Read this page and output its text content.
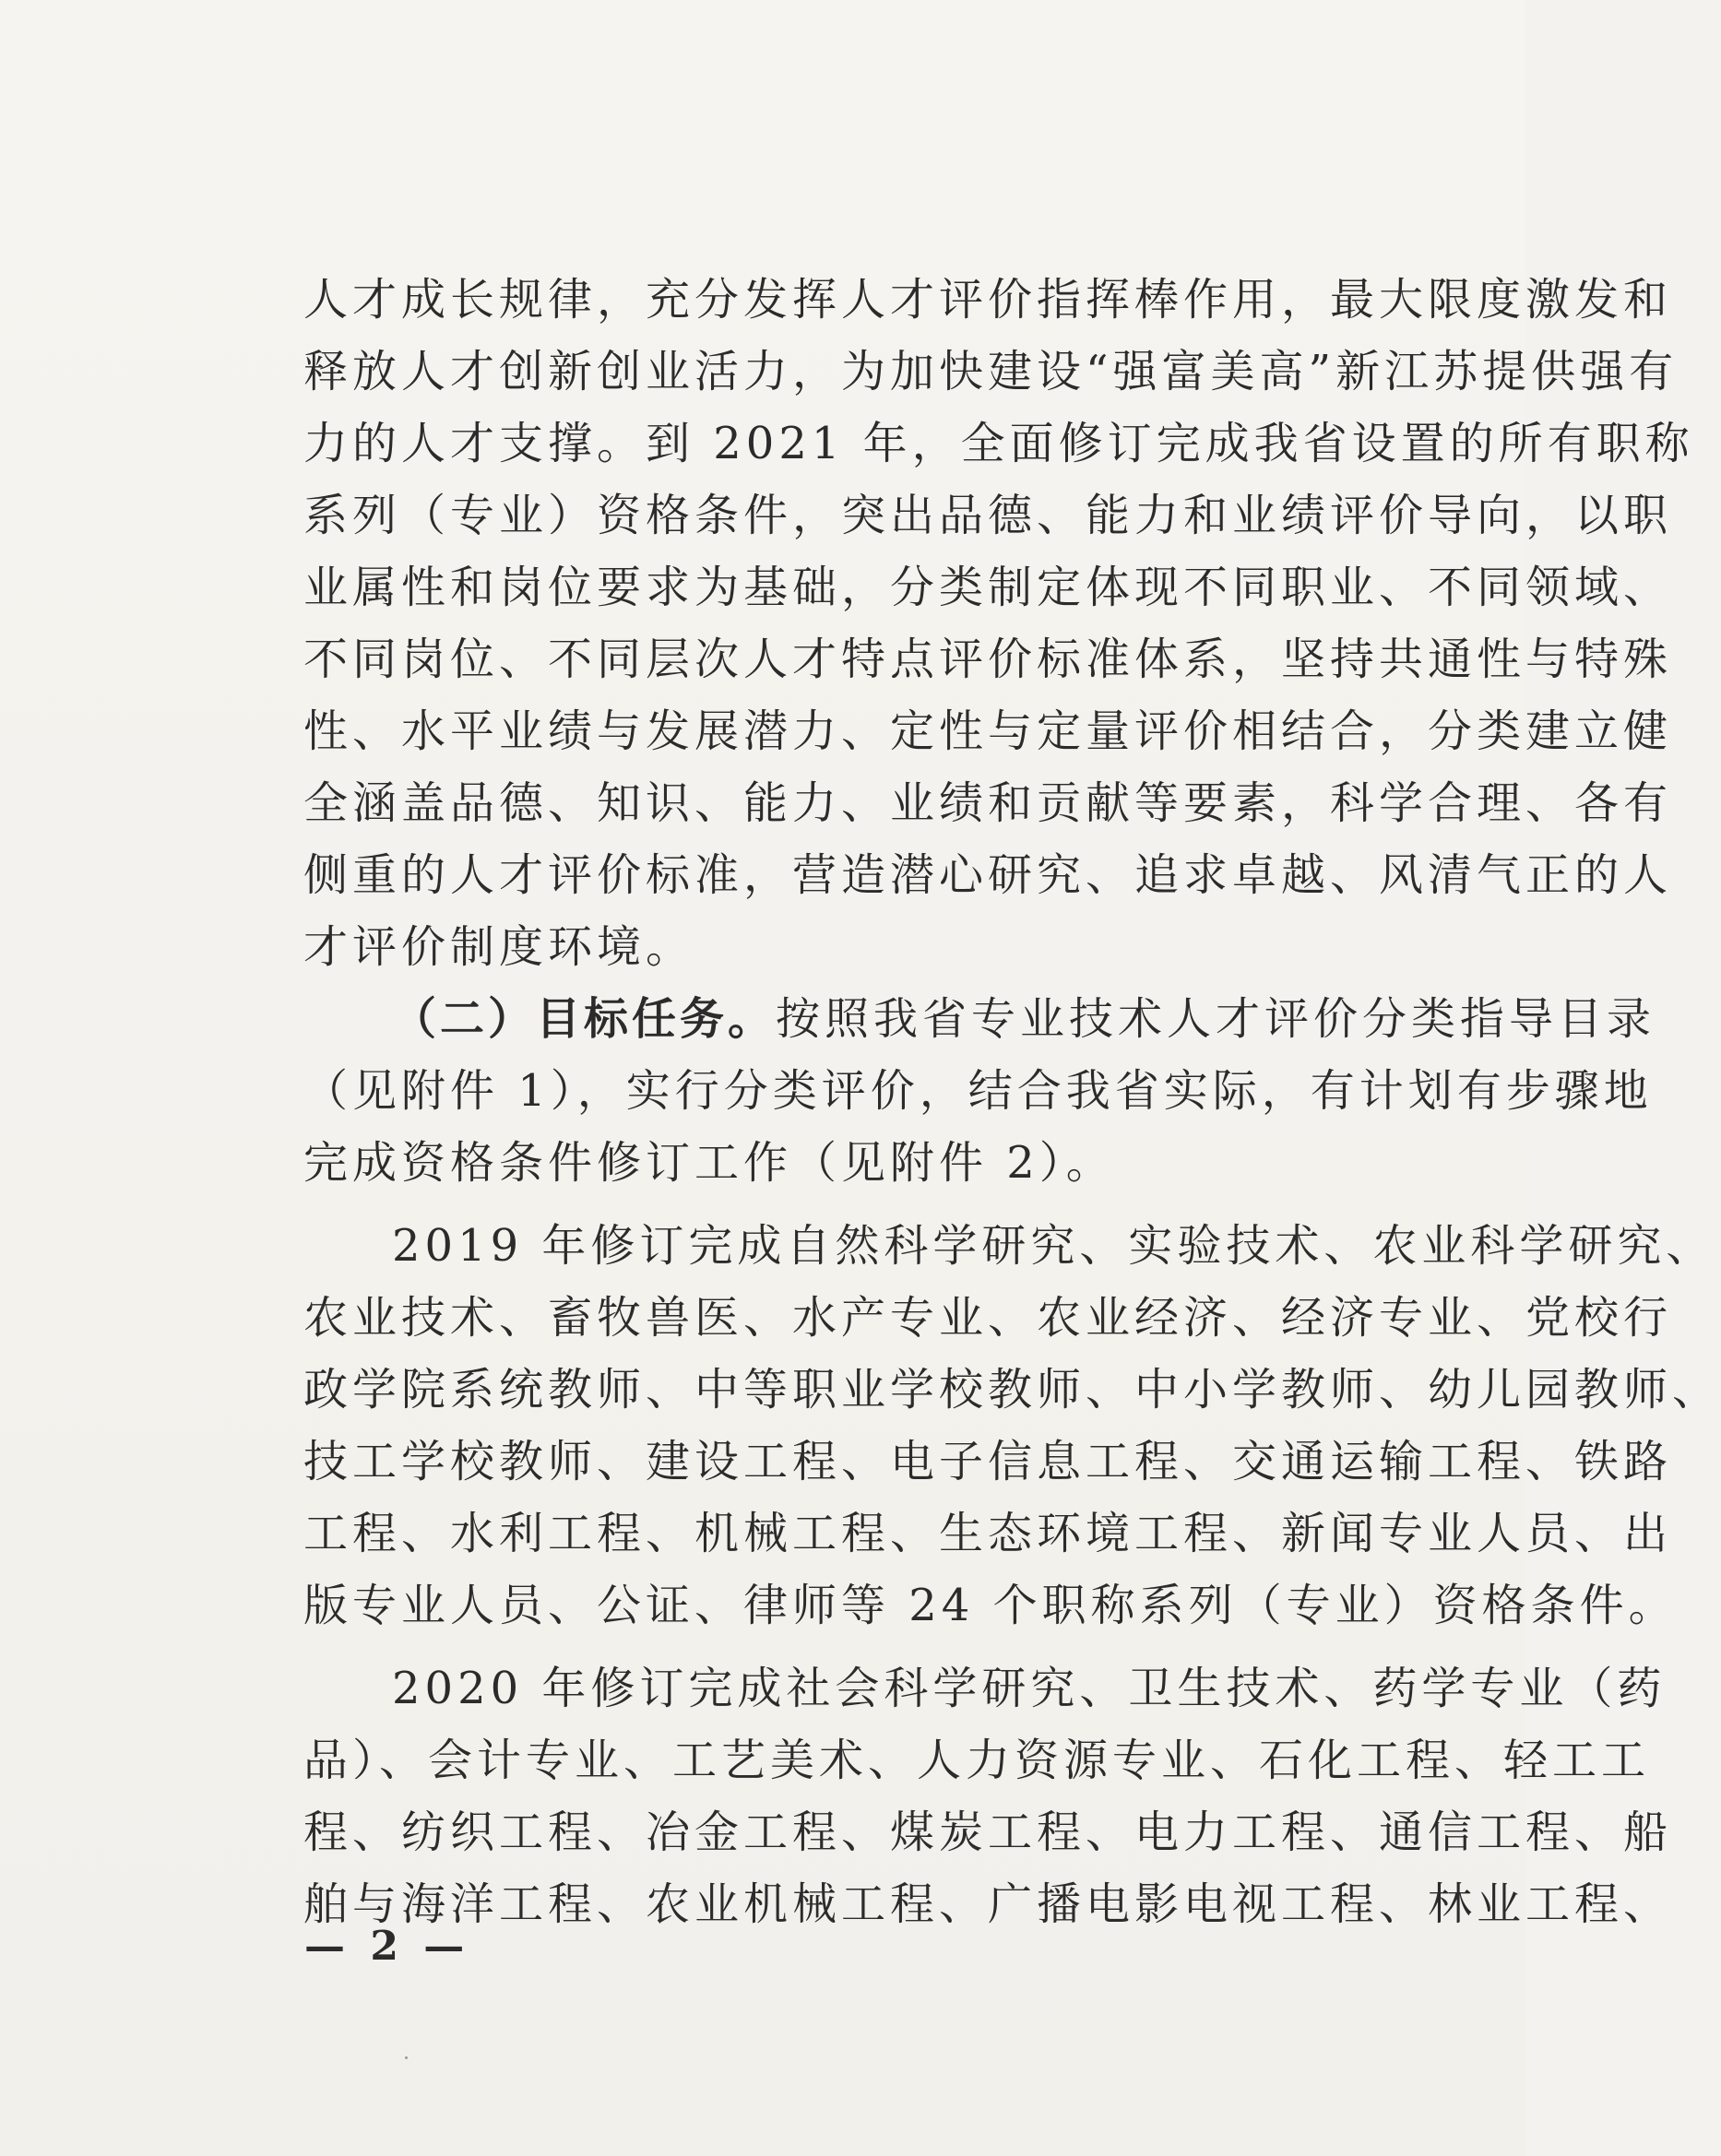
人才成长规律，充分发挥人才评价指挥棒作用，最大限度激发和
释放人才创新创业活力，为加快建设“强富美高”新江苏提供强有
力的人才支撑。到 2021 年，全面修订完成我省设置的所有职称
系列（专业）资格条件，突出品德、能力和业绩评价导向，以职
业属性和岗位要求为基础，分类制定体现不同职业、不同领域、
不同岗位、不同层次人才特点评价标准体系，坚持共通性与特殊
性、水平业绩与发展潜力、定性与定量评价相结合，分类建立健
全涵盖品德、知识、能力、业绩和贡献等要素，科学合理、各有
侧重的人才评价标准，营造潜心研究、追求卓越、风清气正的人
才评价制度环境。
（二）目标任务。按照我省专业技术人才评价分类指导目录
（见附件 1），实行分类评价，结合我省实际，有计划有步骤地
完成资格条件修订工作（见附件 2）。
2019 年修订完成自然科学研究、实验技术、农业科学研究、
农业技术、畜牧兽医、水产专业、农业经济、经济专业、党校行
政学院系统教师、中等职业学校教师、中小学教师、幼儿园教师、
技工学校教师、建设工程、电子信息工程、交通运输工程、铁路
工程、水利工程、机械工程、生态环境工程、新闻专业人员、出
版专业人员、公证、律师等 24 个职称系列（专业）资格条件。
2020 年修订完成社会科学研究、卫生技术、药学专业（药
品）、会计专业、工艺美术、人力资源专业、石化工程、轻工工
程、纺织工程、冶金工程、煤炭工程、电力工程、通信工程、船
舶与海洋工程、农业机械工程、广播电影电视工程、林业工程、
— 2 —
